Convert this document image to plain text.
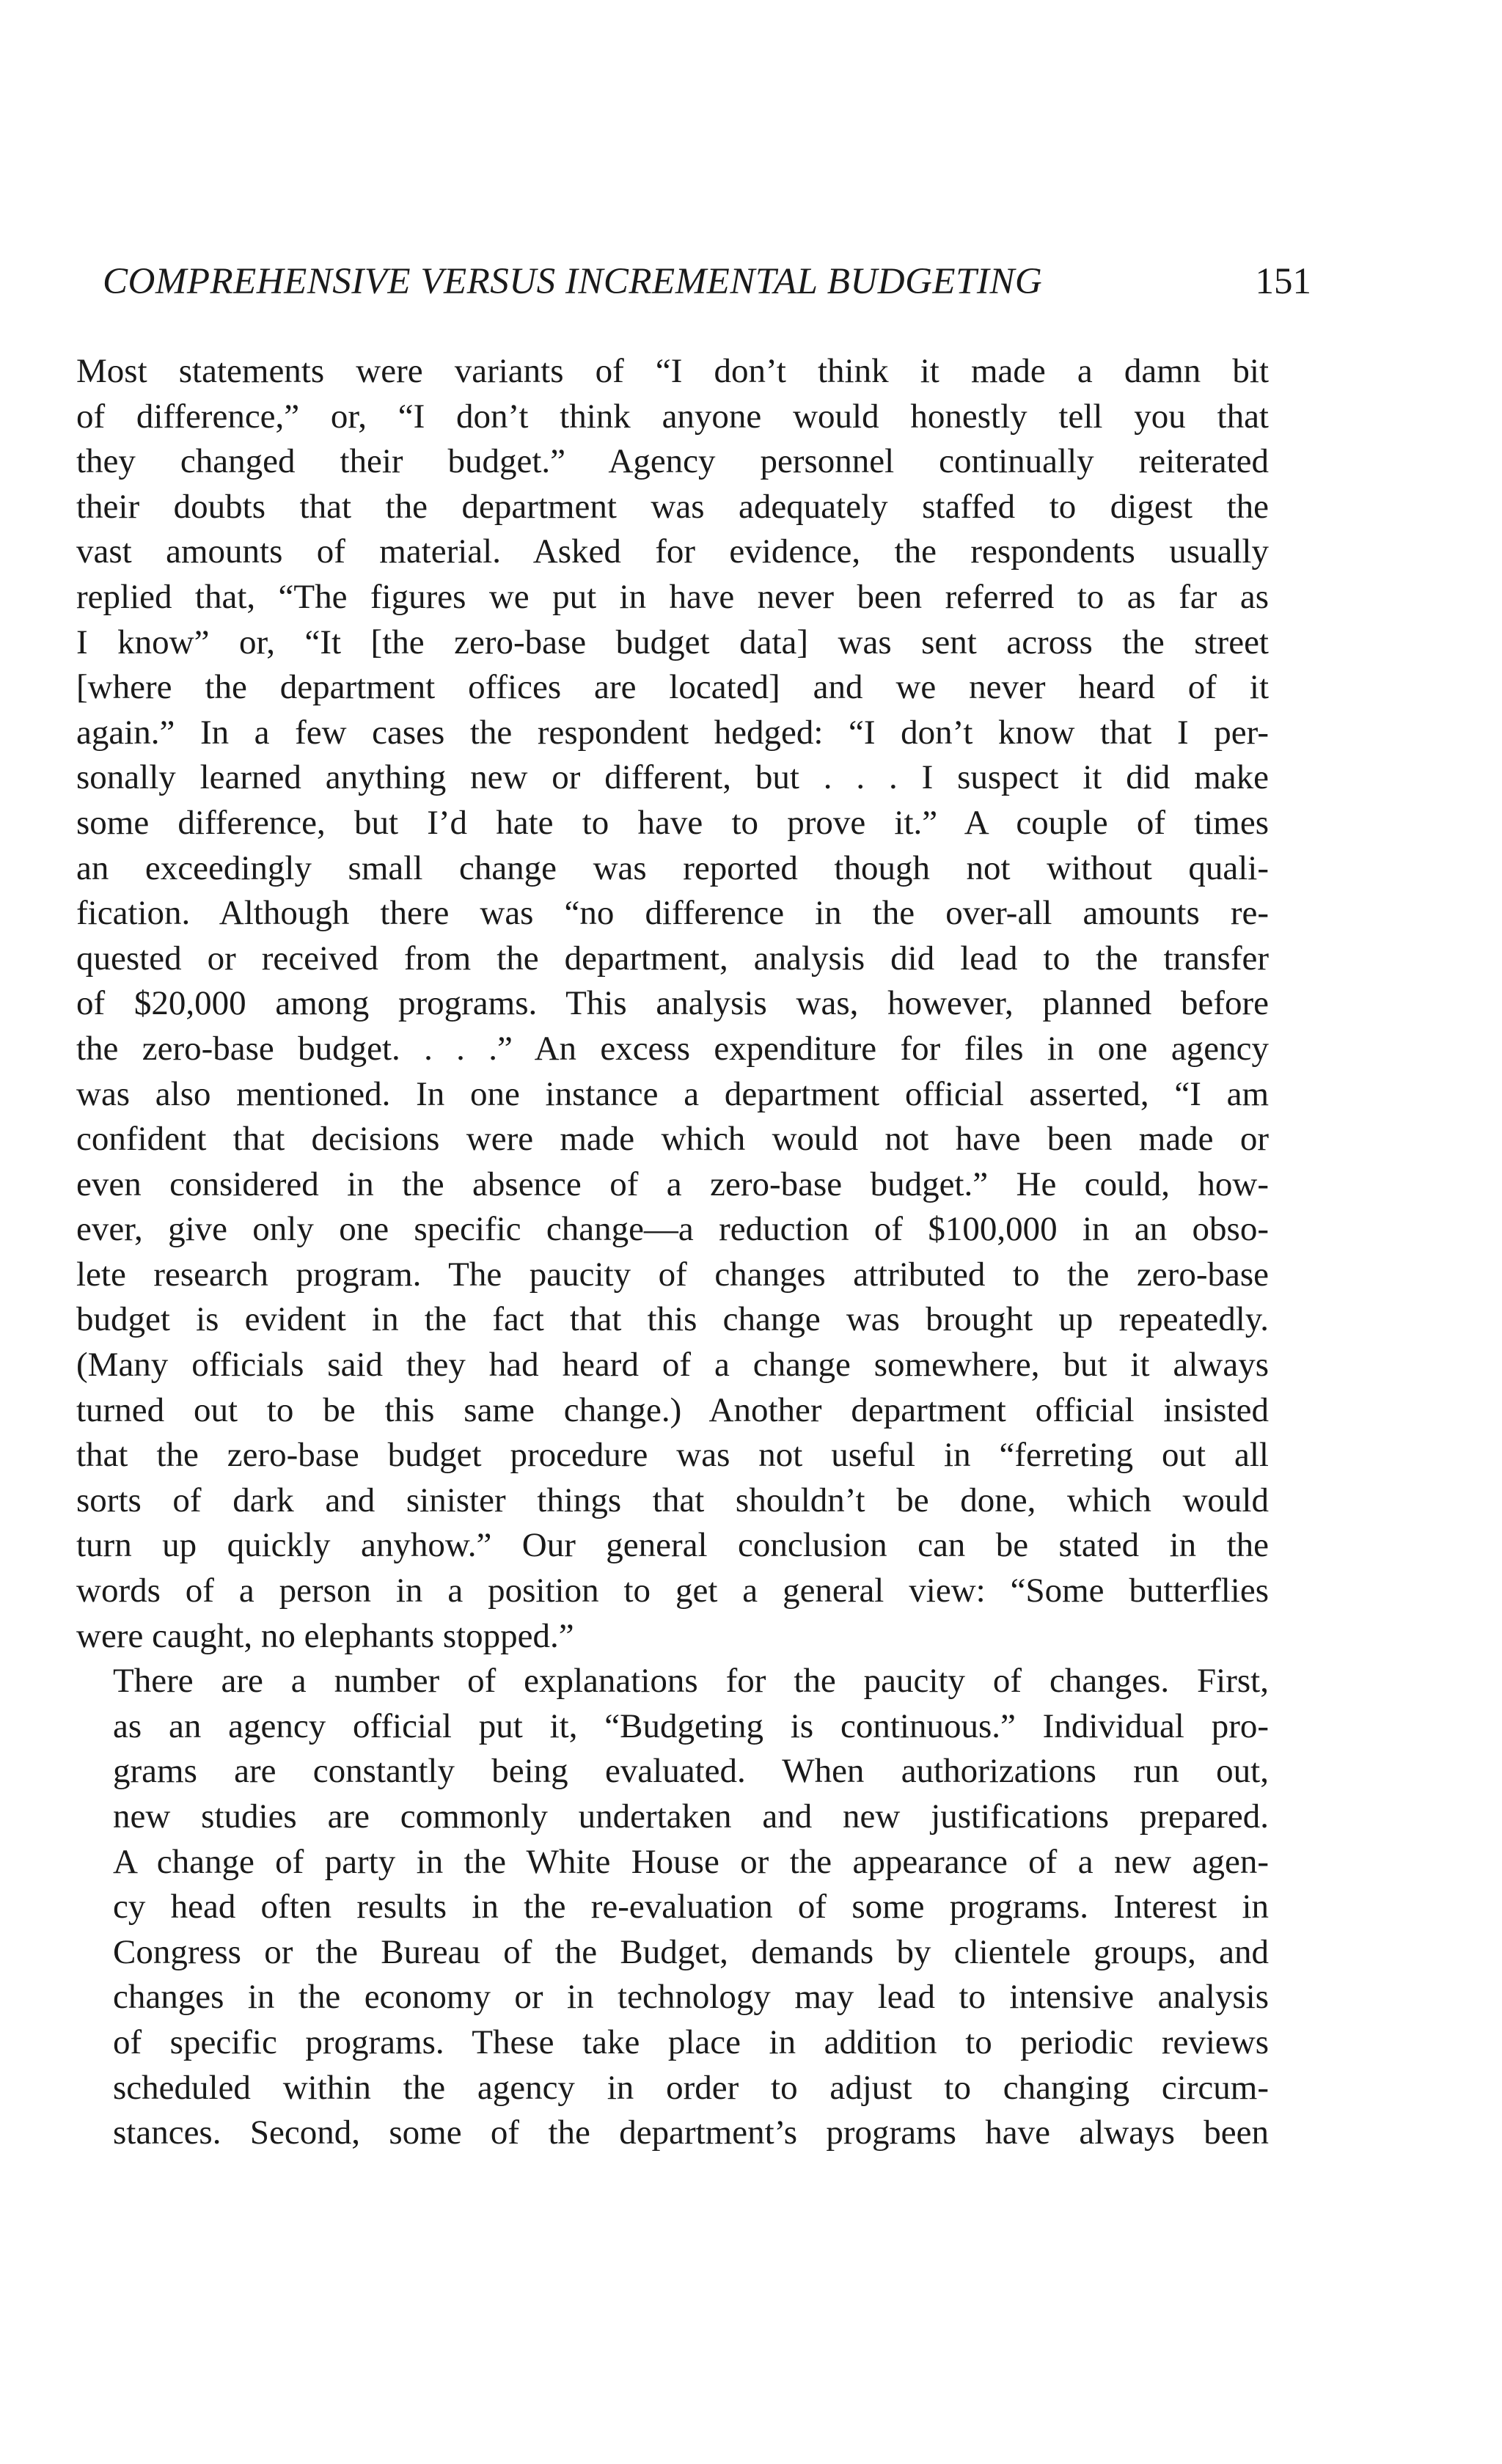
COMPREHENSIVE VERSUS INCREMENTAL BUDGETING	151

Most statements were variants of “I don’t think it made a damn bit
of difference,” or, “I don’t think anyone would honestly tell you that
they changed their budget.” Agency personnel continually reiterated
their doubts that the department was adequately staffed to digest the
vast amounts of material. Asked for evidence, the respondents usually
replied that, “The figures we put in have never been referred to as far as
I know” or, “It [the zero-base budget data] was sent across the street
[where the department offices are located] and we never heard of it
again.” In a few cases the respondent hedged: “I don’t know that I per-
sonally learned anything new or different, but . . . I suspect it did make
some difference, but I’d hate to have to prove it.” A couple of times
an exceedingly small change was reported though not without quali-
fication. Although there was “no difference in the over-all amounts re-
quested or received from the department, analysis did lead to the transfer
of $20,000 among programs. This analysis was, however, planned before
the zero-base budget. . . .” An excess expenditure for files in one agency
was also mentioned. In one instance a department official asserted, “I am
confident that decisions were made which would not have been made or
even considered in the absence of a zero-base budget.” He could, how-
ever, give only one specific change—a reduction of $100,000 in an obso-
lete research program. The paucity of changes attributed to the zero-base
budget is evident in the fact that this change was brought up repeatedly.
(Many officials said they had heard of a change somewhere, but it always
turned out to be this same change.) Another department official insisted
that the zero-base budget procedure was not useful in “ferreting out all
sorts of dark and sinister things that shouldn’t be done, which would
turn up quickly anyhow.” Our general conclusion can be stated in the
words of a person in a position to get a general view: “Some butterflies
were caught, no elephants stopped.”

There are a number of explanations for the paucity of changes. First,
as an agency official put it, “Budgeting is continuous.” Individual pro-
grams are constantly being evaluated. When authorizations run out,
new studies are commonly undertaken and new justifications prepared.
A change of party in the White House or the appearance of a new agen-
cy head often results in the re-evaluation of some programs. Interest in
Congress or the Bureau of the Budget, demands by clientele groups, and
changes in the economy or in technology may lead to intensive analysis
of specific programs. These take place in addition to periodic reviews
scheduled within the agency in order to adjust to changing circum-
stances. Second, some of the department’s programs have always been
